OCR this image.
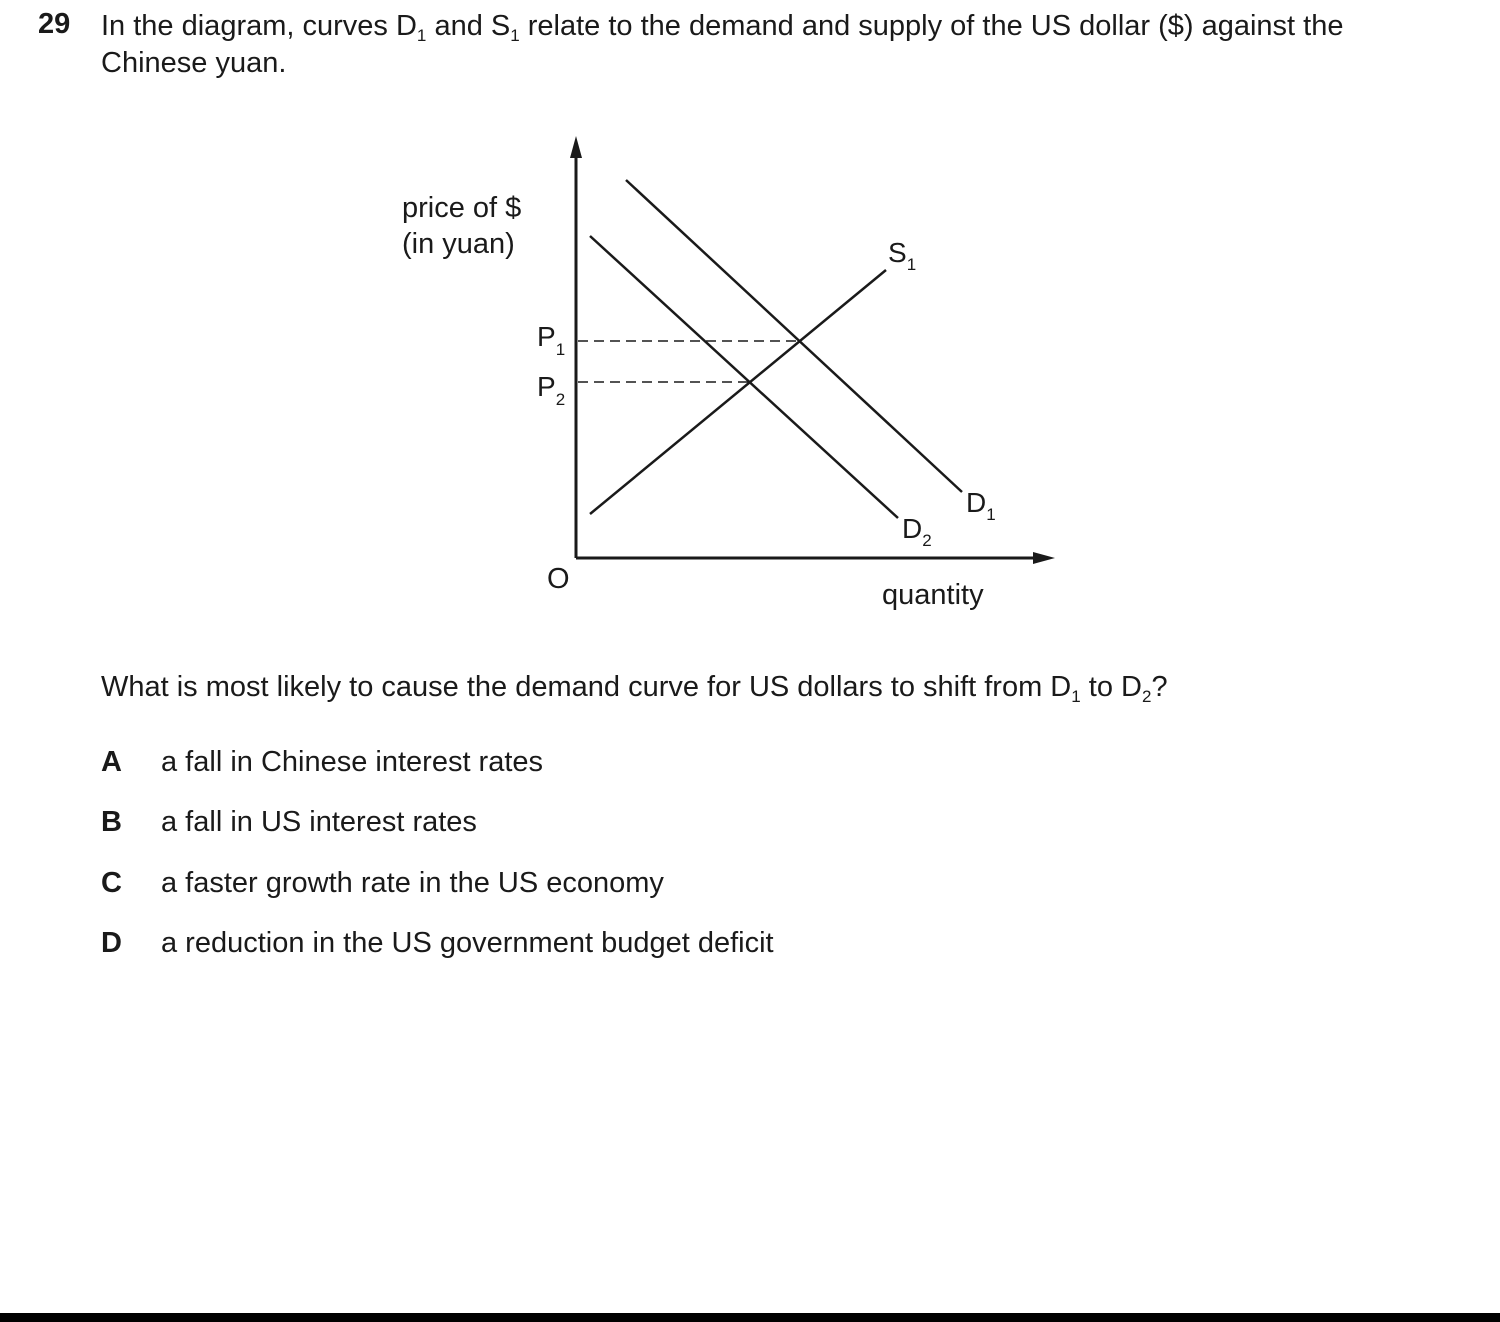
29 In the diagram, curves $D_1$ and $S_1$ relate to the demand and supply of the US dollar ($) against the Chinese yuan.
price of $
(in yuan)
quantity
O
$P_1$
$P_2$
$S_1$
$D_1$
$D_2$
What is most likely to cause the demand curve for US dollars to shift from $D_1$ to $D_2$?
A a fall in Chinese interest rates
B a fall in US interest rates
C a faster growth rate in the US economy
D a reduction in the US government budget deficit
